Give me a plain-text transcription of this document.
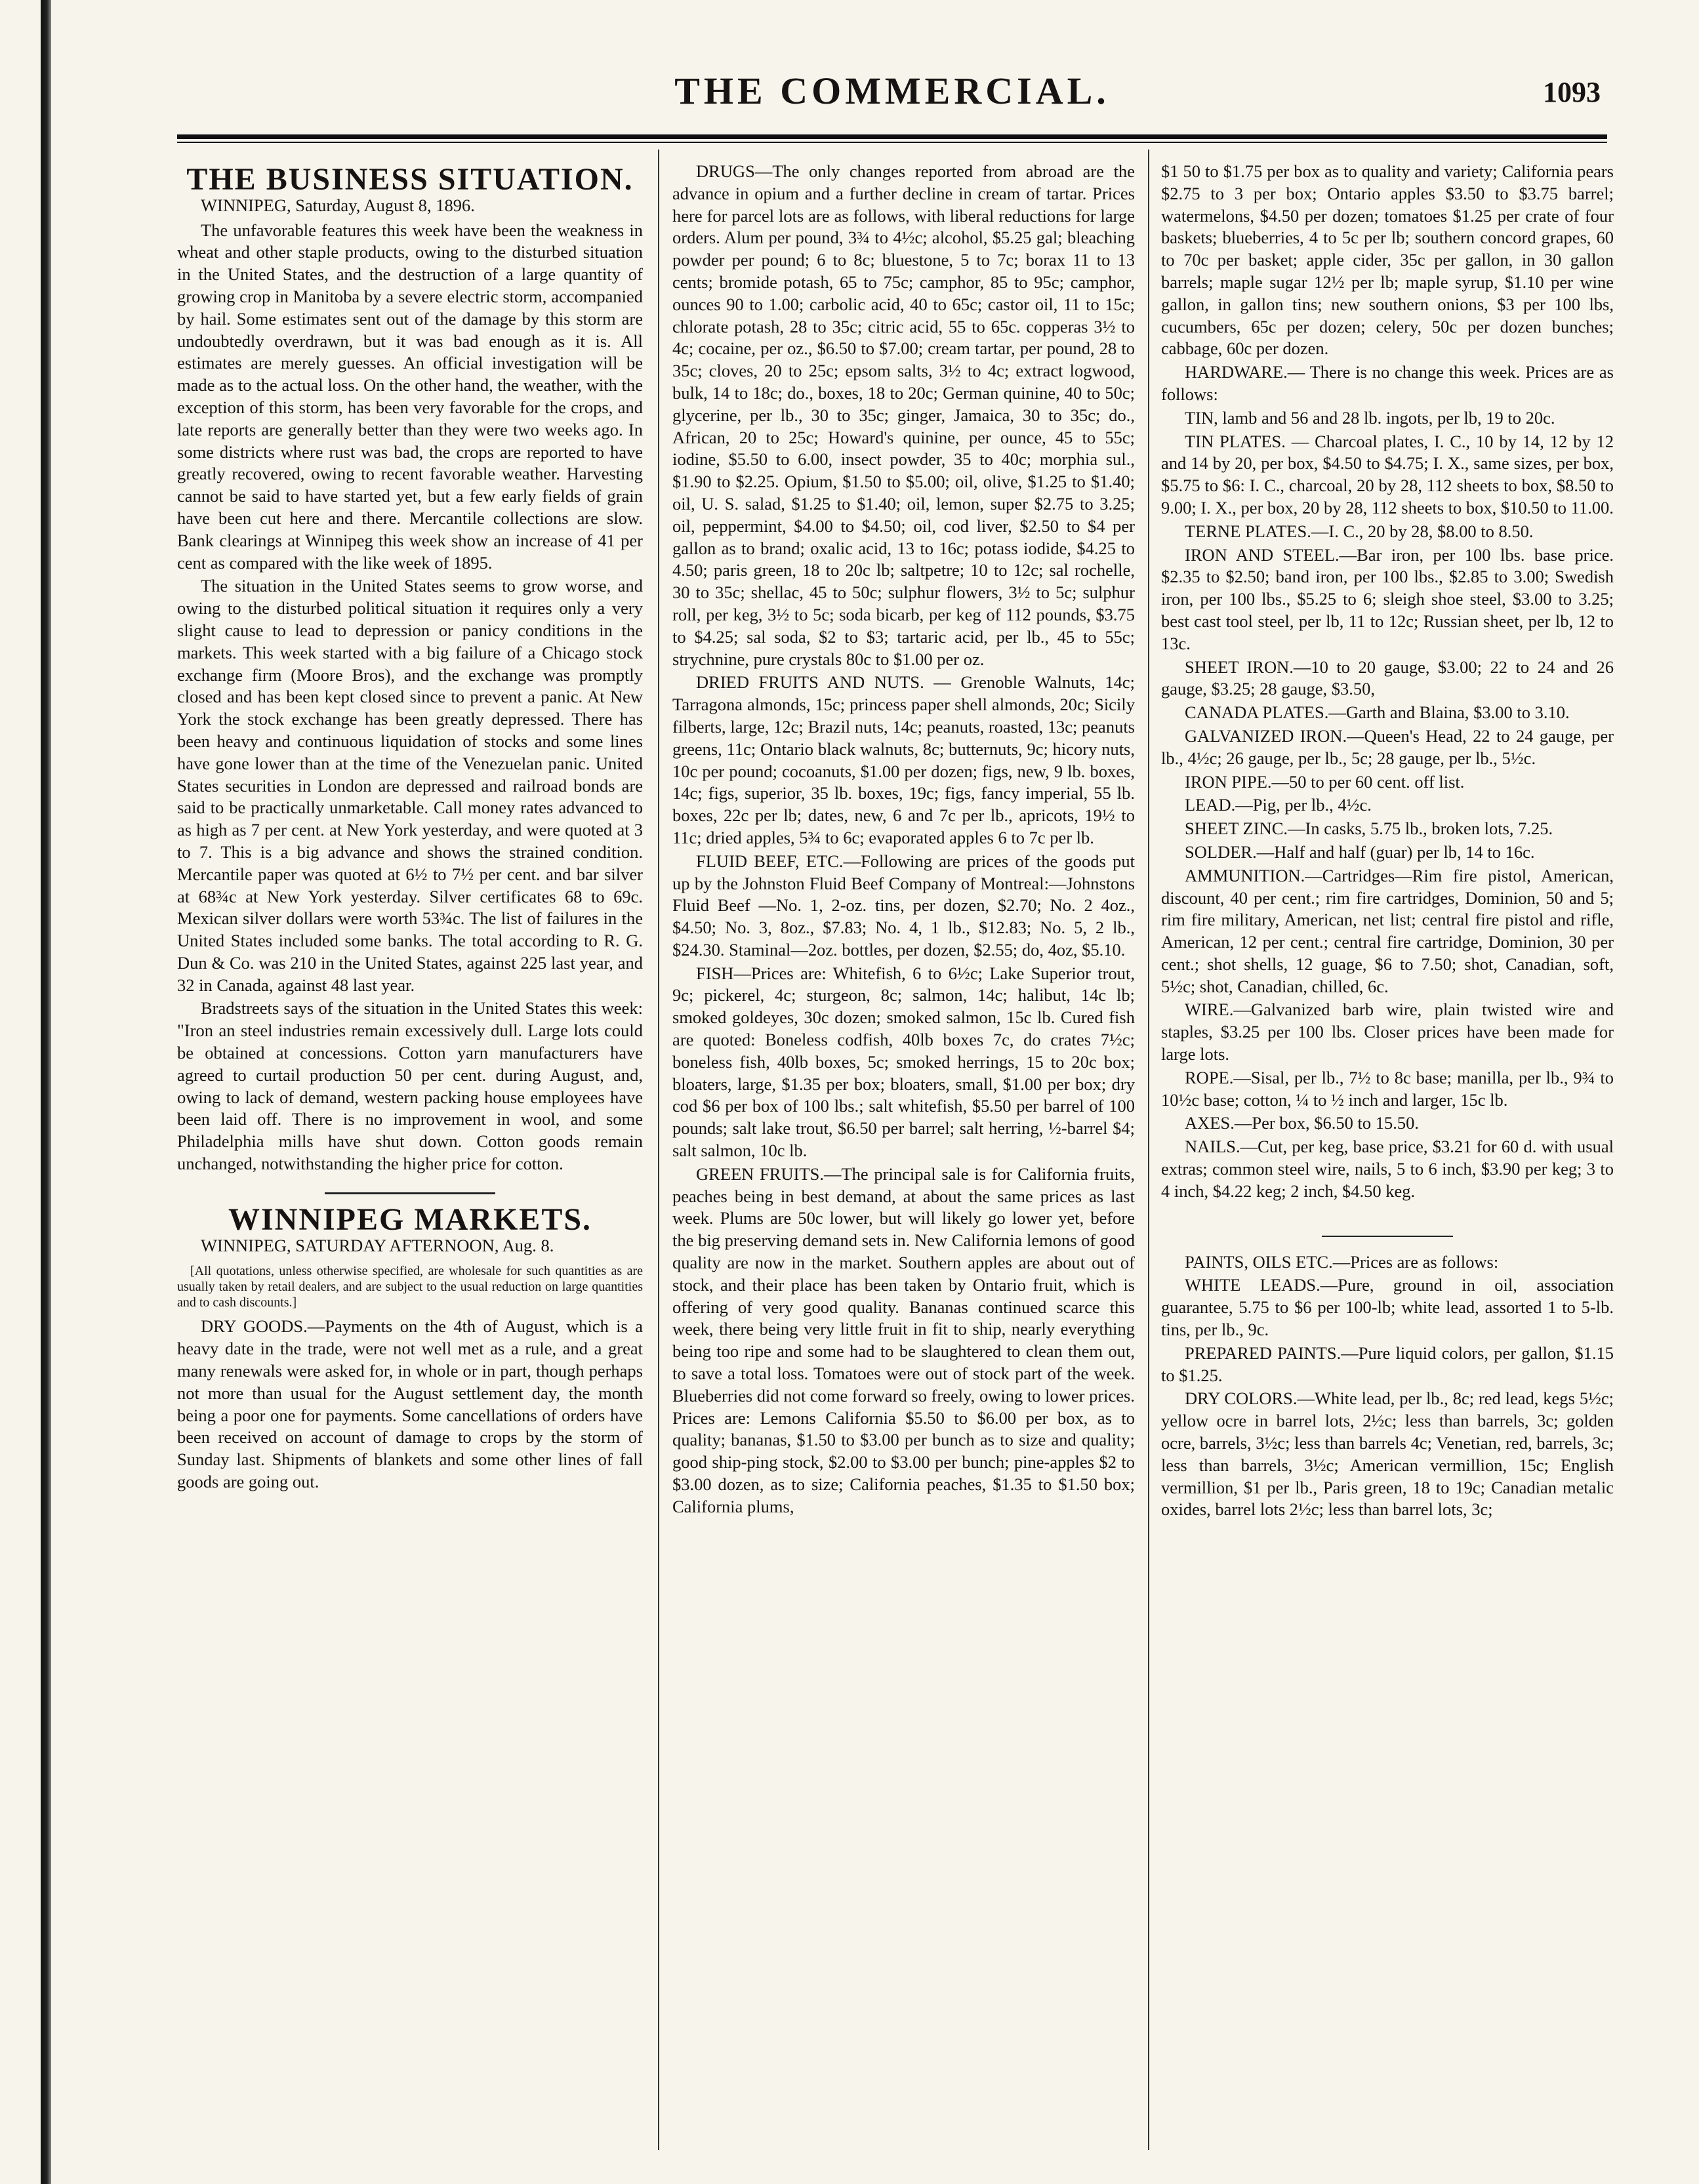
THE COMMERCIAL.	1093
THE BUSINESS SITUATION.

WINNIPEG, Saturday, August 8, 1896.

The unfavorable features this week have been the weakness in wheat and other staple products, owing to the disturbed situation in the United States, and the destruction of a large quantity of growing crop in Manitoba by a severe electric storm, accompanied by hail. Some estimates sent out of the damage by this storm are undoubtedly overdrawn, but it was bad enough as it is. All estimates are merely guesses. An official investigation will be made as to the actual loss. On the other hand, the weather, with the exception of this storm, has been very favorable for the crops, and late reports are generally better than they were two weeks ago. In some districts where rust was bad, the crops are reported to have greatly recovered, owing to recent favorable weather. Harvesting cannot be said to have started yet, but a few early fields of grain have been cut here and there. Mercantile collections are slow. Bank clearings at Winnipeg this week show an increase of 41 per cent as compared with the like week of 1895.

The situation in the United States seems to grow worse, and owing to the disturbed political situation it requires only a very slight cause to lead to depression or panicy conditions in the markets. This week started with a big failure of a Chicago stock exchange firm (Moore Bros), and the exchange was promptly closed and has been kept closed since to prevent a panic. At New York the stock exchange has been greatly depressed. There has been heavy and continuous liquidation of stocks and some lines have gone lower than at the time of the Venezuelan panic. United States securities in London are depressed and railroad bonds are said to be practically unmarketable. Call money rates advanced to as high as 7 per cent. at New York yesterday, and were quoted at 3 to 7. This is a big advance and shows the strained condition. Mercantile paper was quoted at 6½ to 7½ per cent. and bar silver at 68¾c at New York yesterday. Silver certificates 68 to 69c. Mexican silver dollars were worth 53¾c. The list of failures in the United States included some banks. The total according to R. G. Dun & Co. was 210 in the United States, against 225 last year, and 32 in Canada, against 48 last year.

Bradstreets says of the situation in the United States this week: "Iron an steel industries remain excessively dull. Large lots could be obtained at concessions. Cotton yarn manufacturers have agreed to curtail production 50 per cent. during August, and, owing to lack of demand, western packing house employees have been laid off. There is no improvement in wool, and some Philadelphia mills have shut down. Cotton goods remain unchanged, notwithstanding the higher price for cotton.

WINNIPEG MARKETS.

WINNIPEG, SATURDAY AFTERNOON, Aug. 8.

[All quotations, unless otherwise specified, are wholesale for such quantities as are usually taken by retail dealers, and are subject to the usual reduction on large quantities and to cash discounts.]

DRY GOODS.—Payments on the 4th of August, which is a heavy date in the trade, were not well met as a rule, and a great many renewals were asked for, in whole or in part, though perhaps not more than usual for the August settlement day, the month being a poor one for payments. Some cancellations of orders have been received on account of damage to crops by the storm of Sunday last. Shipments of blankets and some other lines of fall goods are going out.

DRUGS—The only changes reported from abroad are the advance in opium and a further decline in cream of tartar. Prices here for parcel lots are as follows, with liberal reductions for large orders. Alum per pound, 3¾ to 4½c; alcohol, $5.25 gal; bleaching powder per pound; 6 to 8c; bluestone, 5 to 7c; borax 11 to 13 cents; bromide potash, 65 to 75c; camphor, 85 to 95c; camphor, ounces 90 to 1.00; carbolic acid, 40 to 65c; castor oil, 11 to 15c; chlorate potash, 28 to 35c; citric acid, 55 to 65c. copperas 3½ to 4c; cocaine, per oz., $6.50 to $7.00; cream tartar, per pound, 28 to 35c; cloves, 20 to 25c; epsom salts, 3½ to 4c; extract logwood, bulk, 14 to 18c; do., boxes, 18 to 20c; German quinine, 40 to 50c; glycerine, per lb., 30 to 35c; ginger, Jamaica, 30 to 35c; do., African, 20 to 25c; Howard's quinine, per ounce, 45 to 55c; iodine, $5.50 to 6.00, insect powder, 35 to 40c; morphia sul., $1.90 to $2.25. Opium, $1.50 to $5.00; oil, olive, $1.25 to $1.40; oil, U. S. salad, $1.25 to $1.40; oil, lemon, super $2.75 to 3.25; oil, peppermint, $4.00 to $4.50; oil, cod liver, $2.50 to $4 per gallon as to brand; oxalic acid, 13 to 16c; potass iodide, $4.25 to 4.50; paris green, 18 to 20c lb; saltpetre; 10 to 12c; sal rochelle, 30 to 35c; shellac, 45 to 50c; sulphur flowers, 3½ to 5c; sulphur roll, per keg, 3½ to 5c; soda bicarb, per keg of 112 pounds, $3.75 to $4.25; sal soda, $2 to $3; tartaric acid, per lb., 45 to 55c; strychnine, pure crystals 80c to $1.00 per oz.

DRIED FRUITS AND NUTS. — Grenoble Walnuts, 14c; Tarragona almonds, 15c; princess paper shell almonds, 20c; Sicily filberts, large, 12c; Brazil nuts, 14c; peanuts, roasted, 13c; peanuts greens, 11c; Ontario black walnuts, 8c; butternuts, 9c; hicory nuts, 10c per pound; cocoanuts, $1.00 per dozen; figs, new, 9 lb. boxes, 14c; figs, superior, 35 lb. boxes, 19c; figs, fancy imperial, 55 lb. boxes, 22c per lb; dates, new, 6 and 7c per lb., apricots, 19½ to 11c; dried apples, 5¾ to 6c; evaporated apples 6 to 7c per lb.

FLUID BEEF, ETC.—Following are prices of the goods put up by the Johnston Fluid Beef Company of Montreal:—Johnstons Fluid Beef —No. 1, 2-oz. tins, per dozen, $2.70; No. 2 4oz., $4.50; No. 3, 8oz., $7.83; No. 4, 1 lb., $12.83; No. 5, 2 lb., $24.30. Staminal—2oz. bottles, per dozen, $2.55; do, 4oz, $5.10.

FISH—Prices are: Whitefish, 6 to 6½c; Lake Superior trout, 9c; pickerel, 4c; sturgeon, 8c; salmon, 14c; halibut, 14c lb; smoked goldeyes, 30c dozen; smoked salmon, 15c lb. Cured fish are quoted: Boneless codfish, 40lb boxes 7c, do crates 7½c; boneless fish, 40lb boxes, 5c; smoked herrings, 15 to 20c box; bloaters, large, $1.35 per box; bloaters, small, $1.00 per box; dry cod $6 per box of 100 lbs.; salt whitefish, $5.50 per barrel of 100 pounds; salt lake trout, $6.50 per barrel; salt herring, ½-barrel $4; salt salmon, 10c lb.

GREEN FRUITS.—The principal sale is for California fruits, peaches being in best demand, at about the same prices as last week. Plums are 50c lower, but will likely go lower yet, before the big preserving demand sets in. New California lemons of good quality are now in the market. Southern apples are about out of stock, and their place has been taken by Ontario fruit, which is offering of very good quality. Bananas continued scarce this week, there being very little fruit in fit to ship, nearly everything being too ripe and some had to be slaughtered to clean them out, to save a total loss. Tomatoes were out of stock part of the week. Blueberries did not come forward so freely, owing to lower prices. Prices are: Lemons California $5.50 to $6.00 per box, as to quality; bananas, $1.50 to $3.00 per bunch as to size and quality; good ship-ping stock, $2.00 to $3.00 per bunch; pine-apples $2 to $3.00 dozen, as to size; California peaches, $1.35 to $1.50 box; California plums,

$1 50 to $1.75 per box as to quality and variety; California pears $2.75 to 3 per box; Ontario apples $3.50 to $3.75 barrel; watermelons, $4.50 per dozen; tomatoes $1.25 per crate of four baskets; blueberries, 4 to 5c per lb; southern concord grapes, 60 to 70c per basket; apple cider, 35c per gallon, in 30 gallon barrels; maple sugar 12½ per lb; maple syrup, $1.10 per wine gallon, in gallon tins; new southern onions, $3 per 100 lbs, cucumbers, 65c per dozen; celery, 50c per dozen bunches; cabbage, 60c per dozen.

HARDWARE.— There is no change this week. Prices are as follows:

TIN, lamb and 56 and 28 lb. ingots, per lb, 19 to 20c.

TIN PLATES. — Charcoal plates, I. C., 10 by 14, 12 by 12 and 14 by 20, per box, $4.50 to $4.75; I. X., same sizes, per box, $5.75 to $6: I. C., charcoal, 20 by 28, 112 sheets to box, $8.50 to 9.00; I. X., per box, 20 by 28, 112 sheets to box, $10.50 to 11.00.

TERNE PLATES.—I. C., 20 by 28, $8.00 to 8.50.

IRON AND STEEL.—Bar iron, per 100 lbs. base price. $2.35 to $2.50; band iron, per 100 lbs., $2.85 to 3.00; Swedish iron, per 100 lbs., $5.25 to 6; sleigh shoe steel, $3.00 to 3.25; best cast tool steel, per lb, 11 to 12c; Russian sheet, per lb, 12 to 13c.

SHEET IRON.—10 to 20 gauge, $3.00; 22 to 24 and 26 gauge, $3.25; 28 gauge, $3.50,

CANADA PLATES.—Garth and Blaina, $3.00 to 3.10.

GALVANIZED IRON.—Queen's Head, 22 to 24 gauge, per lb., 4½c; 26 gauge, per lb., 5c; 28 gauge, per lb., 5½c.

IRON PIPE.—50 to per 60 cent. off list.

LEAD.—Pig, per lb., 4½c.

SHEET ZINC.—In casks, 5.75 lb., broken lots, 7.25.

SOLDER.—Half and half (guar) per lb, 14 to 16c.

AMMUNITION.—Cartridges—Rim fire pistol, American, discount, 40 per cent.; rim fire cartridges, Dominion, 50 and 5; rim fire military, American, net list; central fire pistol and rifle, American, 12 per cent.; central fire cartridge, Dominion, 30 per cent.; shot shells, 12 guage, $6 to 7.50; shot, Canadian, soft, 5½c; shot, Canadian, chilled, 6c.

WIRE.—Galvanized barb wire, plain twisted wire and staples, $3.25 per 100 lbs. Closer prices have been made for large lots.

ROPE.—Sisal, per lb., 7½ to 8c base; manilla, per lb., 9¾ to 10½c base; cotton, ¼ to ½ inch and larger, 15c lb.

AXES.—Per box, $6.50 to 15.50.

NAILS.—Cut, per keg, base price, $3.21 for 60 d. with usual extras; common steel wire, nails, 5 to 6 inch, $3.90 per keg; 3 to 4 inch, $4.22 keg; 2 inch, $4.50 keg.

PAINTS, OILS ETC.—Prices are as follows:

WHITE LEADS.—Pure, ground in oil, association guarantee, 5.75 to $6 per 100-lb; white lead, assorted 1 to 5-lb. tins, per lb., 9c.

PREPARED PAINTS.—Pure liquid colors, per gallon, $1.15 to $1.25.

DRY COLORS.—White lead, per lb., 8c; red lead, kegs 5½c; yellow ocre in barrel lots, 2½c; less than barrels, 3c; golden ocre, barrels, 3½c; less than barrels 4c; Venetian, red, barrels, 3c; less than barrels, 3½c; American vermillion, 15c; English vermillion, $1 per lb., Paris green, 18 to 19c; Canadian metalic oxides, barrel lots 2½c; less than barrel lots, 3c;
